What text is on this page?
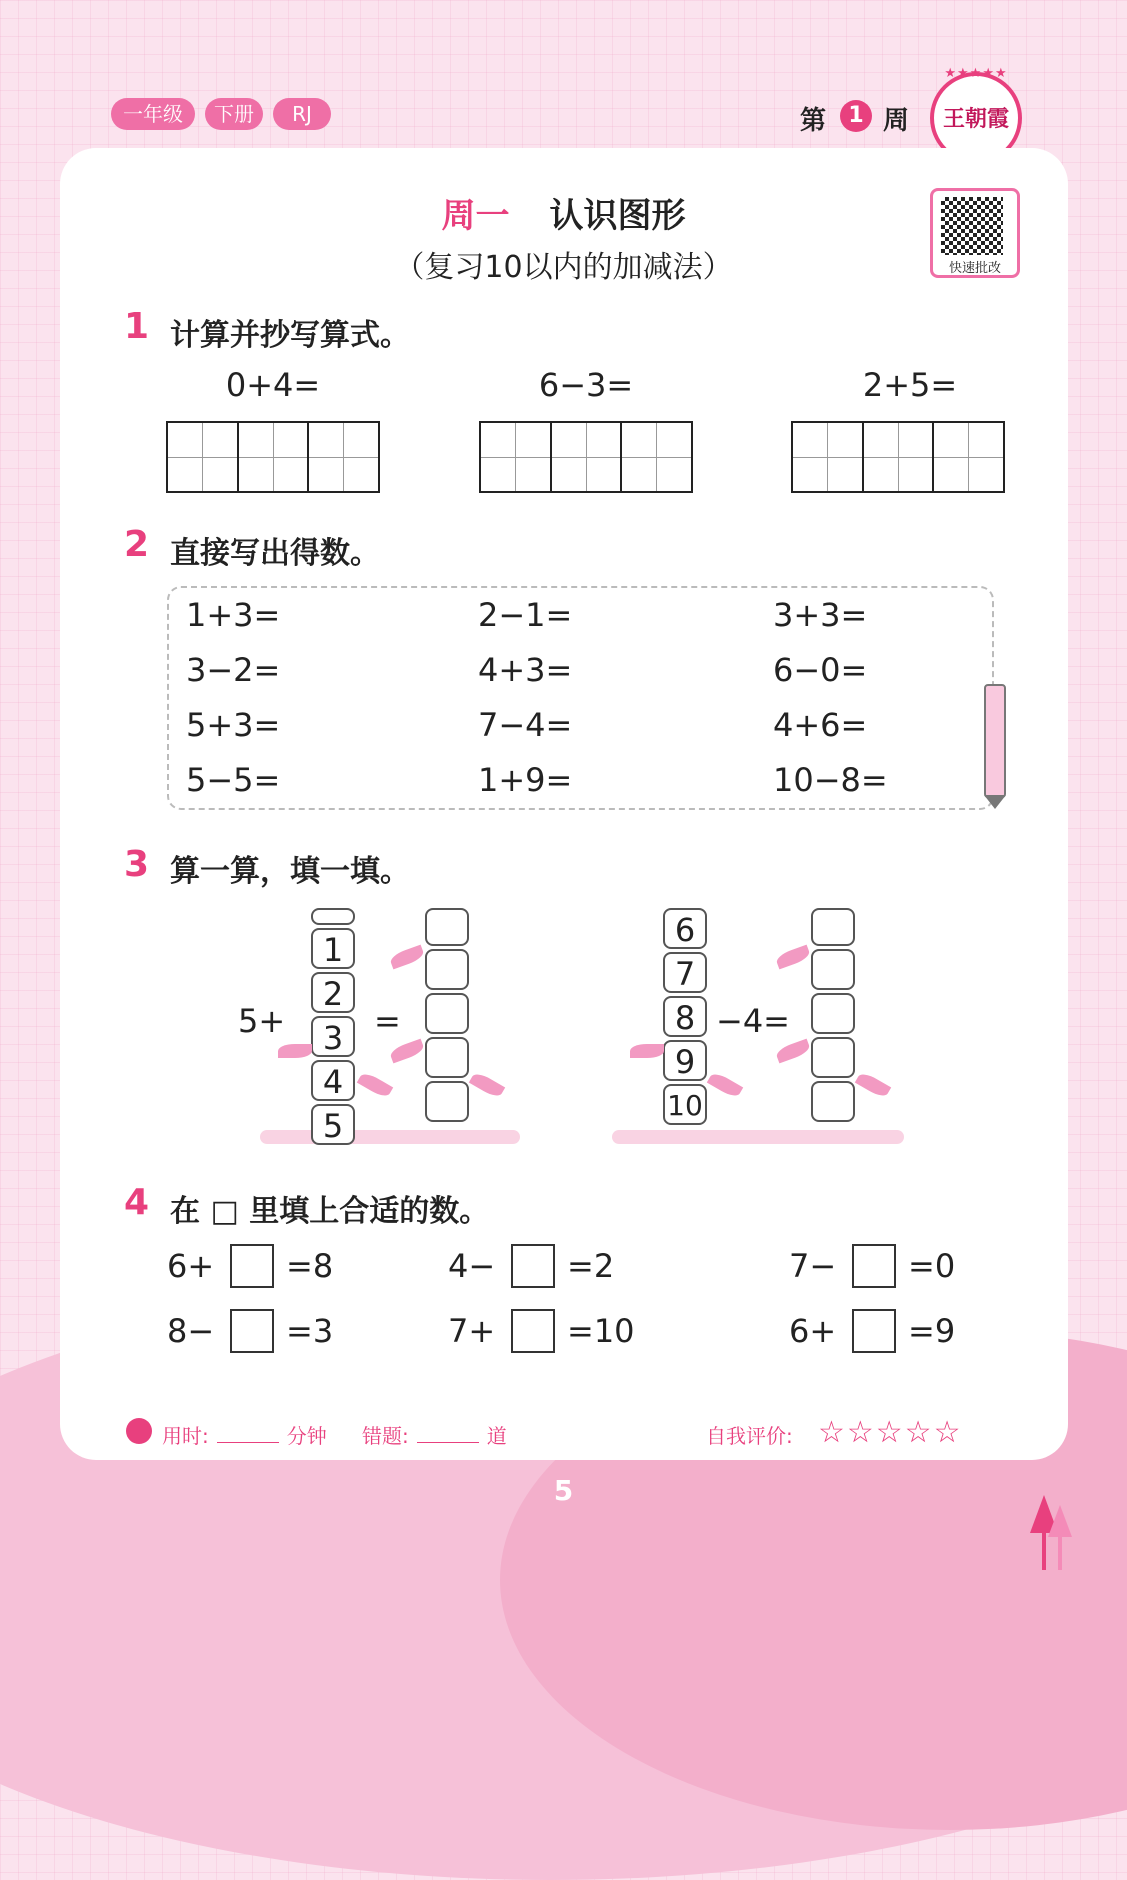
一年级	下册	RJ	第	1 周
★★★★★
王朝霞
周一 认识图形
（复习10以内的加减法）	快速批改
1 计算并抄写算式。
0+4=	6−3=	2+5=
2 直接写出得数。
1+3=	2−1=	3+3=
3−2=	4+3=	6−0=
5+3=	7−4=	4+6=
5−5=	1+9=	10−8=
3 算一算，填一填。
5+
1
2
3
4
5
=
6
7
8
9
10
−4=
4 在 □ 里填上合适的数。
6+ =8	4− =2	7− =0
8− =3	7+ =10	6+ =9
用时:	分钟 错题:	道	自我评价: ☆☆☆☆☆
5
